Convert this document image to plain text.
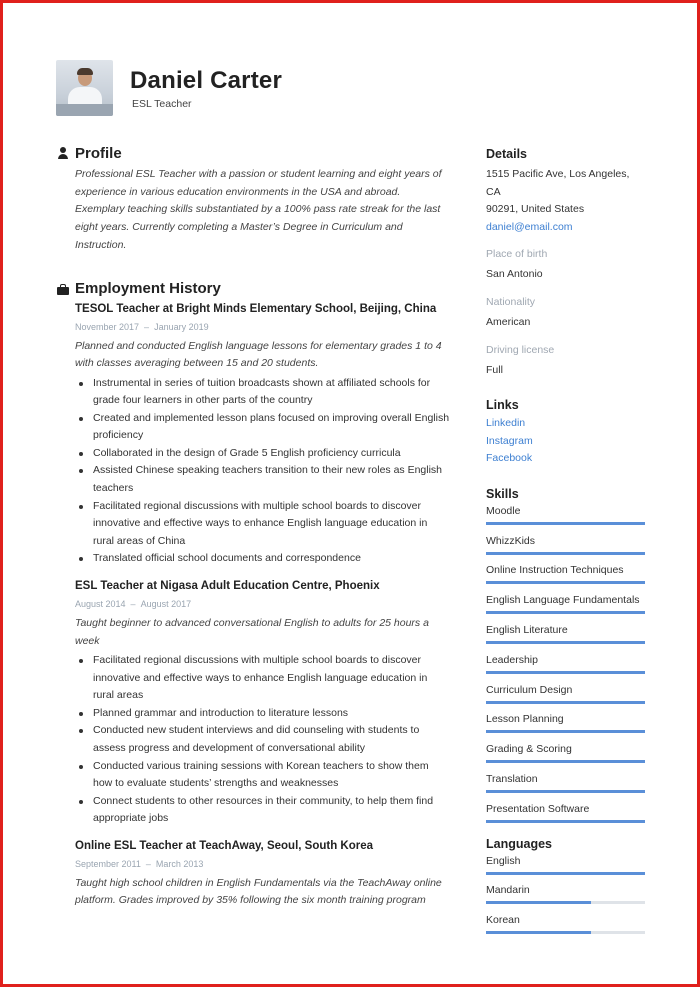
Daniel Carter
ESL Teacher
Profile
Professional ESL Teacher with a passion or student learning and eight years of
experience in various education environments in the USA and abroad.
Exemplary teaching skills substantiated by a 100% pass rate streak for the last
eight years. Currently completing a Master’s Degree in Curriculum and
Instruction.
Employment History
TESOL Teacher at Bright Minds Elementary School, Beijing, China
November 2017 – January 2019
Planned and conducted English language lessons for elementary grades 1 to 4
with classes averaging between 15 and 20 students.
Instrumental in series of tuition broadcasts shown at affiliated schools for
grade four learners in other parts of the country
Created and implemented lesson plans focused on improving overall English
proficiency
Collaborated in the design of Grade 5 English proficiency curricula
Assisted Chinese speaking teachers transition to their new roles as English
teachers
Facilitated regional discussions with multiple school boards to discover
innovative and effective ways to enhance English language education in
rural areas of China
Translated official school documents and correspondence
ESL Teacher at Nigasa Adult Education Centre, Phoenix
August 2014 – August 2017
Taught beginner to advanced conversational English to adults for 25 hours a
week
Facilitated regional discussions with multiple school boards to discover
innovative and effective ways to enhance English language education in
rural areas
Planned grammar and introduction to literature lessons
Conducted new student interviews and did counseling with students to
assess progress and development of conversational ability
Conducted various training sessions with Korean teachers to show them
how to evaluate students’ strengths and weaknesses
Connect students to other resources in their community, to help them find
appropriate jobs
Online ESL Teacher at TeachAway, Seoul, South Korea
September 2011 – March 2013
Taught high school children in English Fundamentals via the TeachAway online
platform. Grades improved by 35% following the six month training program
Details
1515 Pacific Ave, Los Angeles, CA
90291, United States
daniel@email.com
Place of birth
San Antonio
Nationality
American
Driving license
Full
Links
Linkedin
Instagram
Facebook
Skills
Moodle
WhizzKids
Online Instruction Techniques
English Language Fundamentals
English Literature
Leadership
Curriculum Design
Lesson Planning
Grading & Scoring
Translation
Presentation Software
Languages
English
Mandarin
Korean
